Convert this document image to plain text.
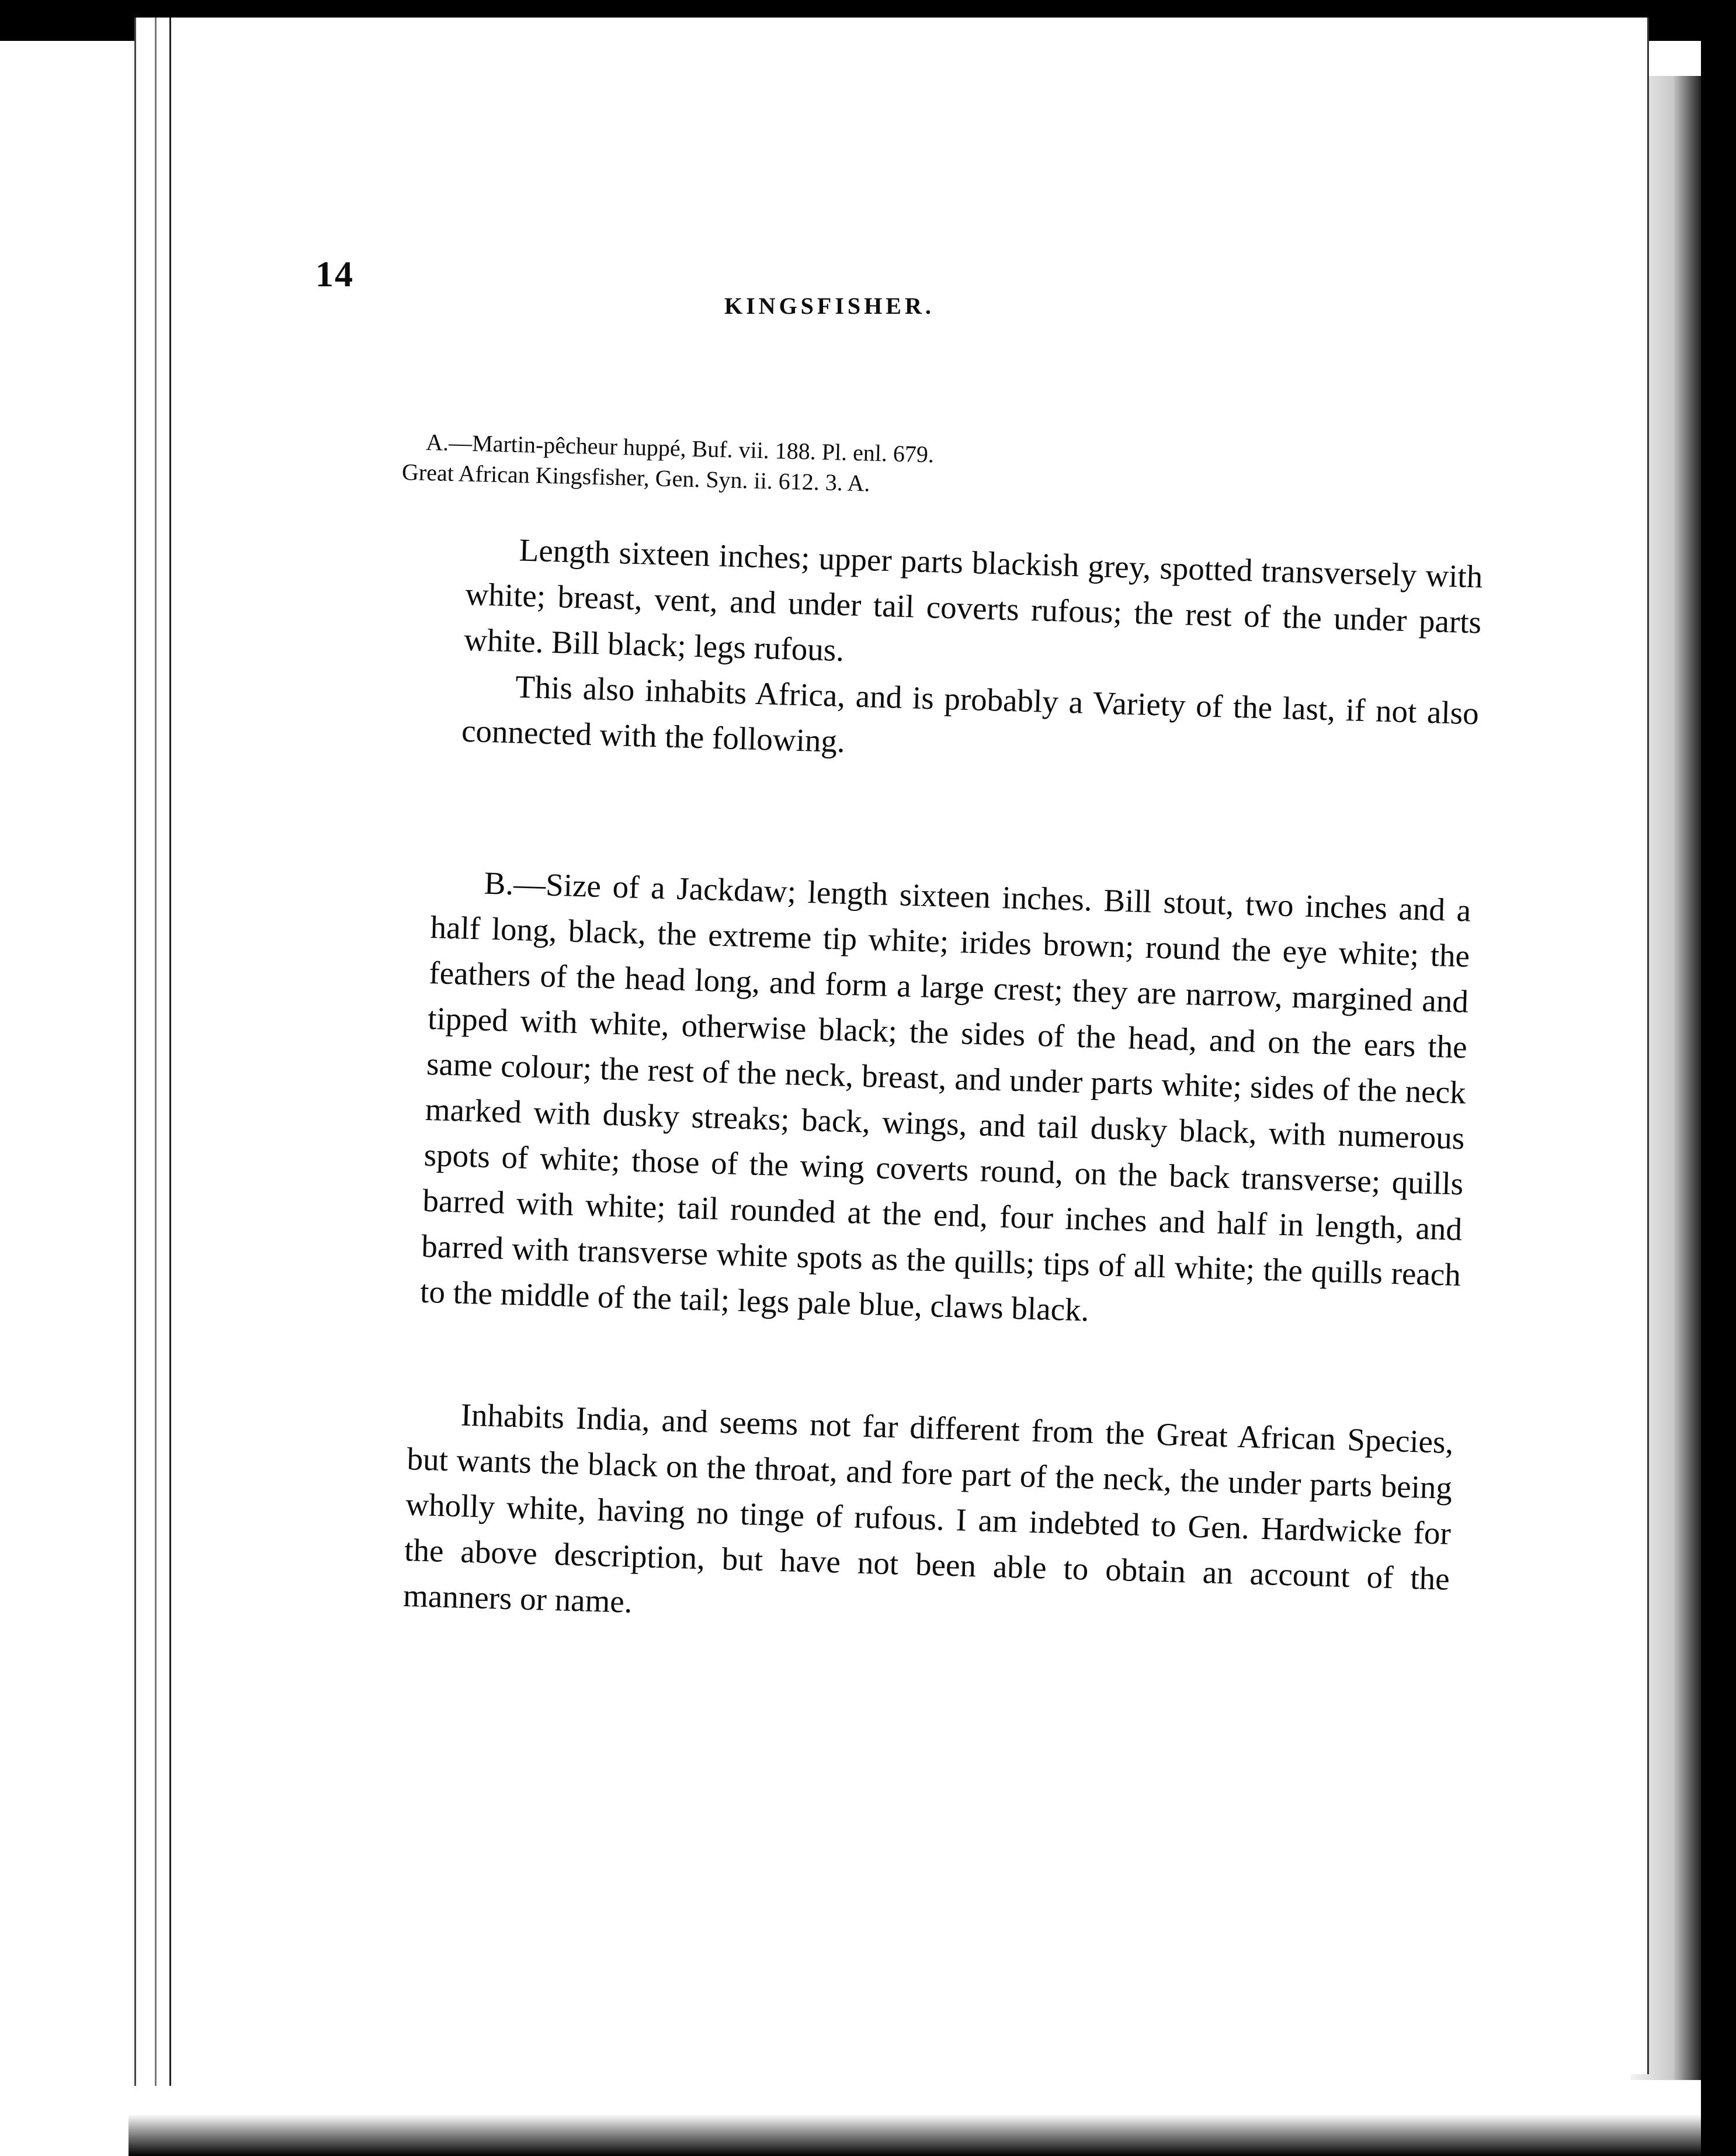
14
KINGSFISHER.
A.—Martin-pêcheur huppé, Buf. vii. 188. Pl. enl. 679.
Great African Kingsfisher, Gen. Syn. ii. 612. 3. A.

Length sixteen inches; upper parts blackish grey, spotted transversely with white; breast, vent, and under tail coverts rufous; the rest of the under parts white. Bill black; legs rufous.

This also inhabits Africa, and is probably a Variety of the last, if not also connected with the following.

B.—Size of a Jackdaw; length sixteen inches. Bill stout, two inches and a half long, black, the extreme tip white; irides brown; round the eye white; the feathers of the head long, and form a large crest; they are narrow, margined and tipped with white, otherwise black; the sides of the head, and on the ears the same colour; the rest of the neck, breast, and under parts white; sides of the neck marked with dusky streaks; back, wings, and tail dusky black, with numerous spots of white; those of the wing coverts round, on the back transverse; quills barred with white; tail rounded at the end, four inches and half in length, and barred with transverse white spots as the quills; tips of all white; the quills reach to the middle of the tail; legs pale blue, claws black.

Inhabits India, and seems not far different from the Great African Species, but wants the black on the throat, and fore part of the neck, the under parts being wholly white, having no tinge of rufous. I am indebted to Gen. Hardwicke for the above description, but have not been able to obtain an account of the manners or name.
